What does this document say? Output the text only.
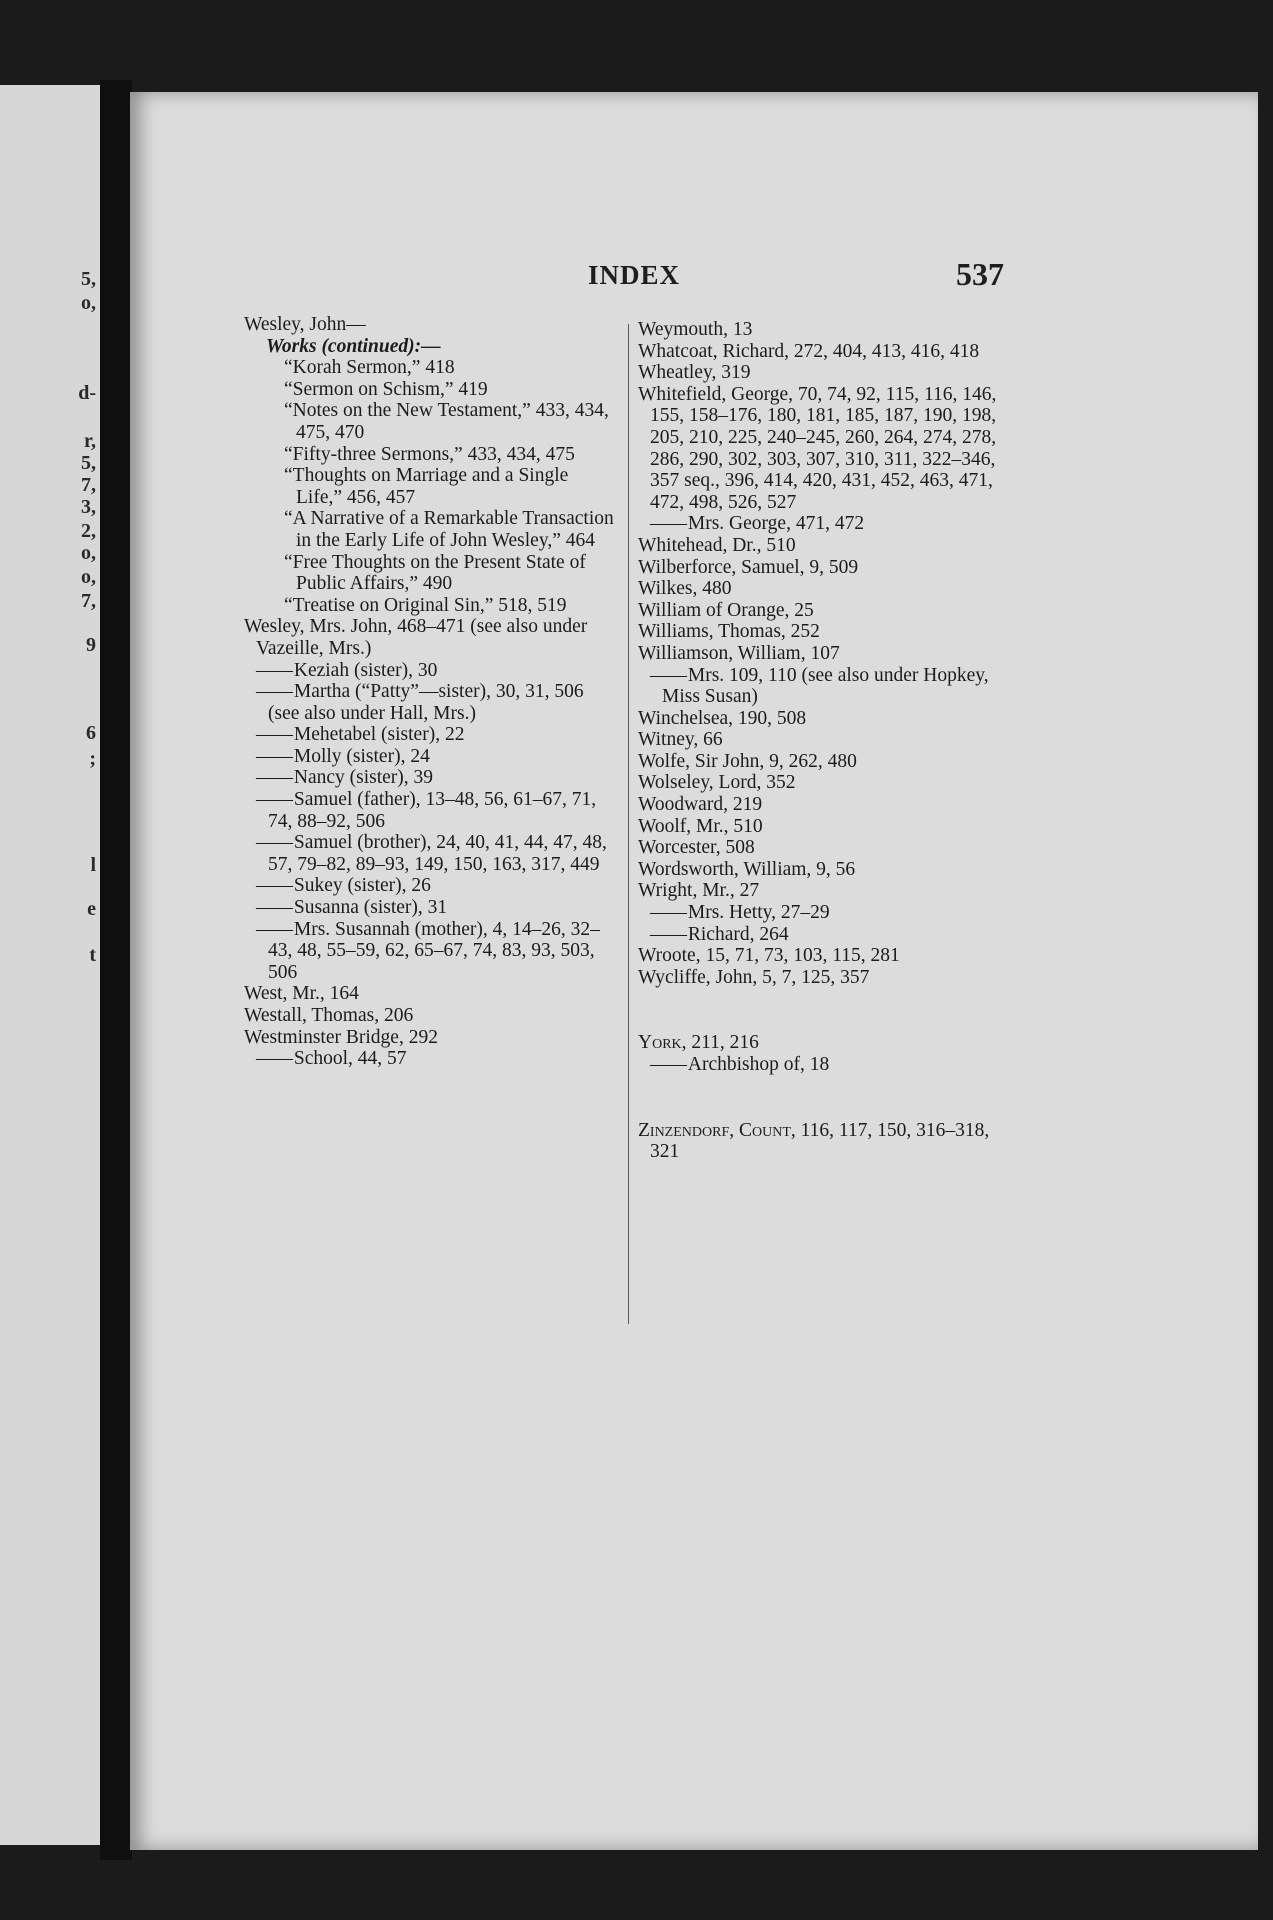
5,
o,
d-
r,
5,
7,
3,
2,
o,
o,
7,
9
6
;
l
e
t
INDEX	537
Wesley, John—
Works (continued):—
“Korah Sermon,” 418
“Sermon on Schism,” 419
“Notes on the New Testament,” 433, 434, 475, 470
“Fifty-three Sermons,” 433, 434, 475
“Thoughts on Marriage and a Single Life,” 456, 457
“A Narrative of a Remarkable Transaction in the Early Life of John Wesley,” 464
“Free Thoughts on the Present State of Public Affairs,” 490
“Treatise on Original Sin,” 518, 519
Wesley, Mrs. John, 468–471 (see also under Vazeille, Mrs.)
—— Keziah (sister), 30
—— Martha (“Patty”—sister), 30, 31, 506 (see also under Hall, Mrs.)
—— Mehetabel (sister), 22
—— Molly (sister), 24
—— Nancy (sister), 39
—— Samuel (father), 13–48, 56, 61–67, 71, 74, 88–92, 506
—— Samuel (brother), 24, 40, 41, 44, 47, 48, 57, 79–82, 89–93, 149, 150, 163, 317, 449
—— Sukey (sister), 26
—— Susanna (sister), 31
—— Mrs. Susannah (mother), 4, 14–26, 32–43, 48, 55–59, 62, 65–67, 74, 83, 93, 503, 506
West, Mr., 164
Westall, Thomas, 206
Westminster Bridge, 292
—— School, 44, 57
Weymouth, 13
Whatcoat, Richard, 272, 404, 413, 416, 418
Wheatley, 319
Whitefield, George, 70, 74, 92, 115, 116, 146, 155, 158–176, 180, 181, 185, 187, 190, 198, 205, 210, 225, 240–245, 260, 264, 274, 278, 286, 290, 302, 303, 307, 310, 311, 322–346, 357 seq., 396, 414, 420, 431, 452, 463, 471, 472, 498, 526, 527
—— Mrs. George, 471, 472
Whitehead, Dr., 510
Wilberforce, Samuel, 9, 509
Wilkes, 480
William of Orange, 25
Williams, Thomas, 252
Williamson, William, 107
—— Mrs. 109, 110 (see also under Hopkey, Miss Susan)
Winchelsea, 190, 508
Witney, 66
Wolfe, Sir John, 9, 262, 480
Wolseley, Lord, 352
Woodward, 219
Woolf, Mr., 510
Worcester, 508
Wordsworth, William, 9, 56
Wright, Mr., 27
—— Mrs. Hetty, 27–29
—— Richard, 264
Wroote, 15, 71, 73, 103, 115, 281
Wycliffe, John, 5, 7, 125, 357
York, 211, 216
—— Archbishop of, 18
Zinzendorf, Count, 116, 117, 150, 316–318, 321
